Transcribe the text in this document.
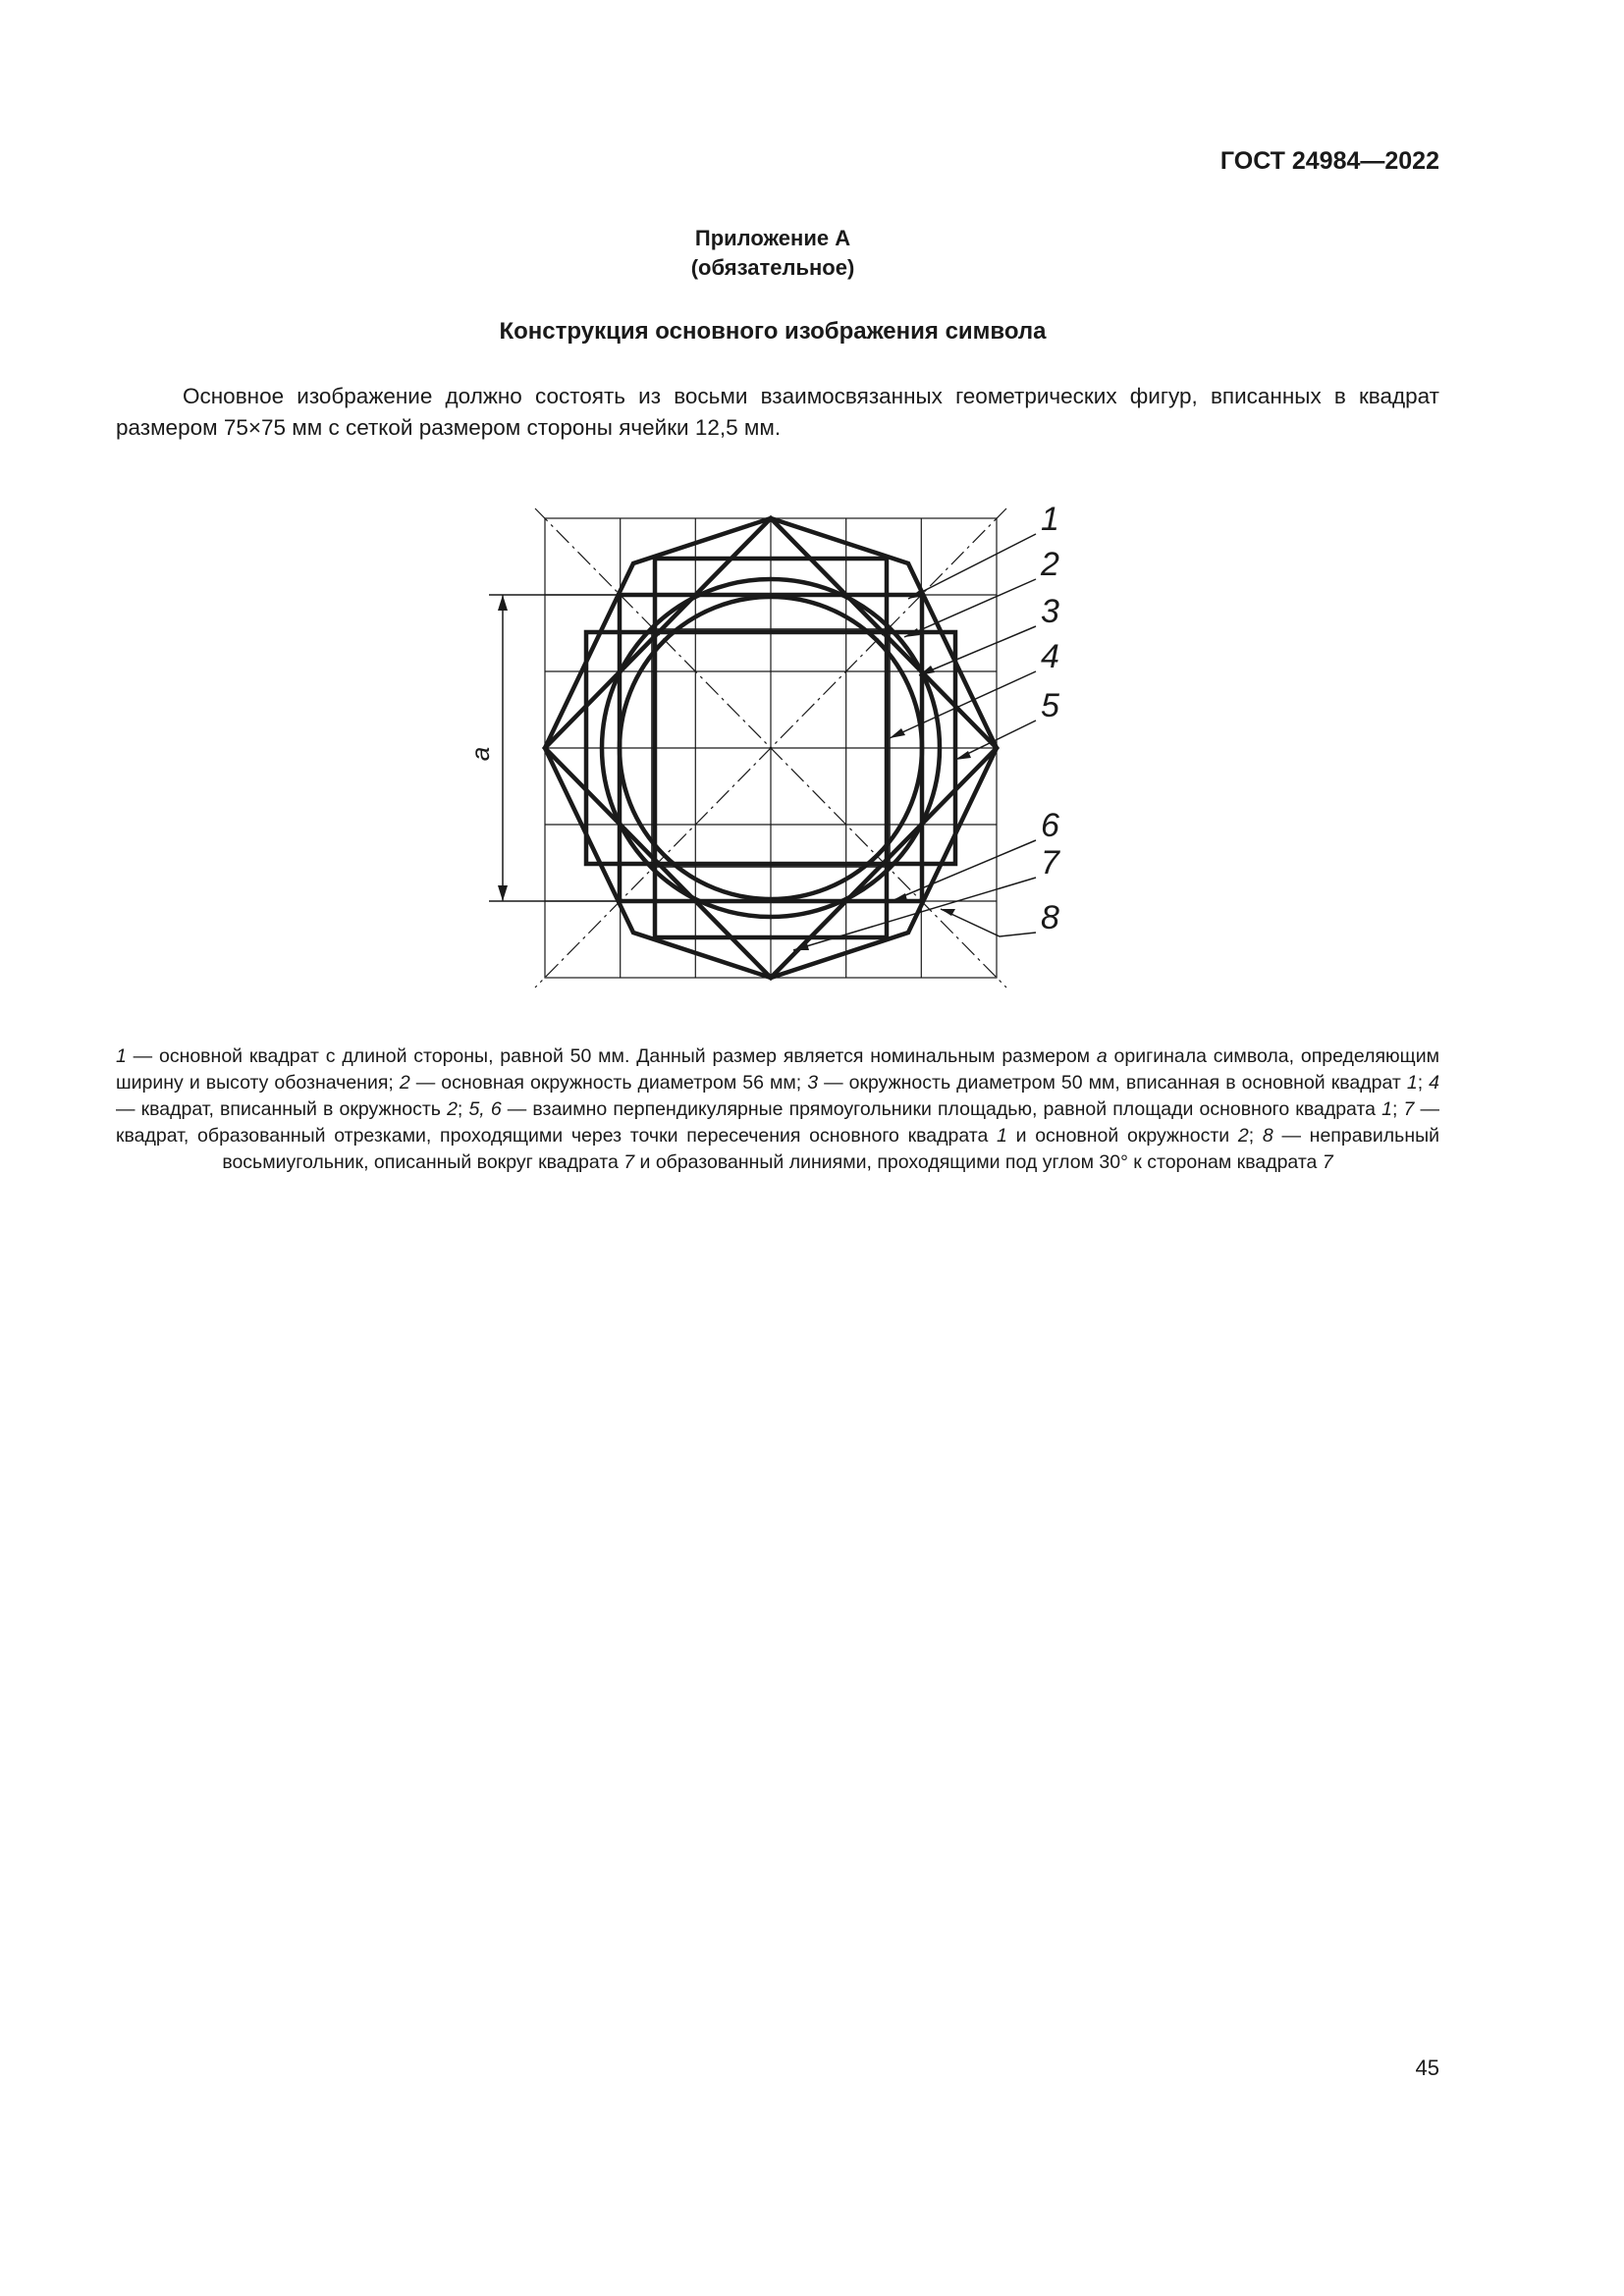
ГОСТ 24984—2022
Приложение А
(обязательное)
Конструкция основного изображения символа
Основное изображение должно состоять из восьми взаимосвязанных геометрических фигур, вписанных в квадрат размером 75×75 мм с сеткой размером стороны ячейки 12,5 мм.
a
1
2
3
4
5
6
7
8
1 — основной квадрат с длиной стороны, равной 50 мм. Данный размер является номинальным размером а оригинала символа, определяющим ширину и высоту обозначения; 2 — основная окружность диаметром 56 мм; 3 — окружность диаметром 50 мм, вписанная в основной квадрат 1; 4 — квадрат, вписанный в окружность 2; 5, 6 — взаимно перпендикулярные прямоугольники площадью, равной площади основного квадрата 1; 7 — квадрат, образованный отрезками, проходящими через точки пересечения основного квадрата 1 и основной окружности 2; 8 — неправильный восьмиугольник, описанный вокруг квадрата 7 и образованный линиями, проходящими под углом 30° к сторонам квадрата 7
45
